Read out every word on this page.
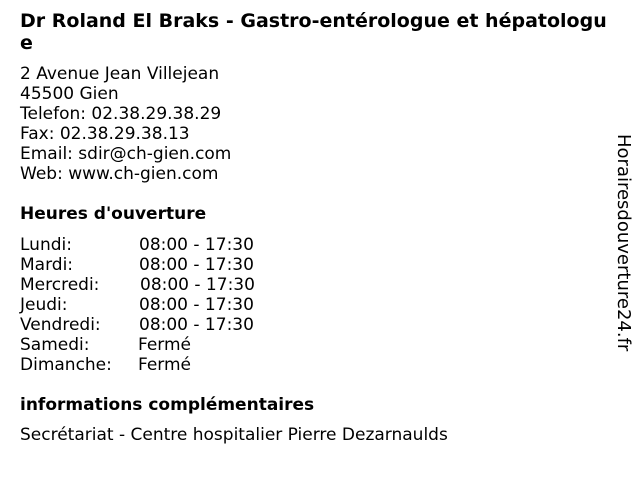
Dr Roland El Braks - Gastro-entérologue et hépatologue
2 Avenue Jean Villejean
45500 Gien
Telefon: 02.38.29.38.29
Fax: 02.38.29.38.13
Email: sdir@ch-gien.com
Web: www.ch-gien.com
Heures d'ouverture
Lundi:	08:00 - 17:30
Mardi:	08:00 - 17:30
Mercredi: 08:00 - 17:30
Jeudi:	08:00 - 17:30
Vendredi: 08:00 - 17:30
Samedi:	Fermé
Dimanche: Fermé
informations complémentaires
Secrétariat - Centre hospitalier Pierre Dezarnaulds
Horairesdouverture24.fr
